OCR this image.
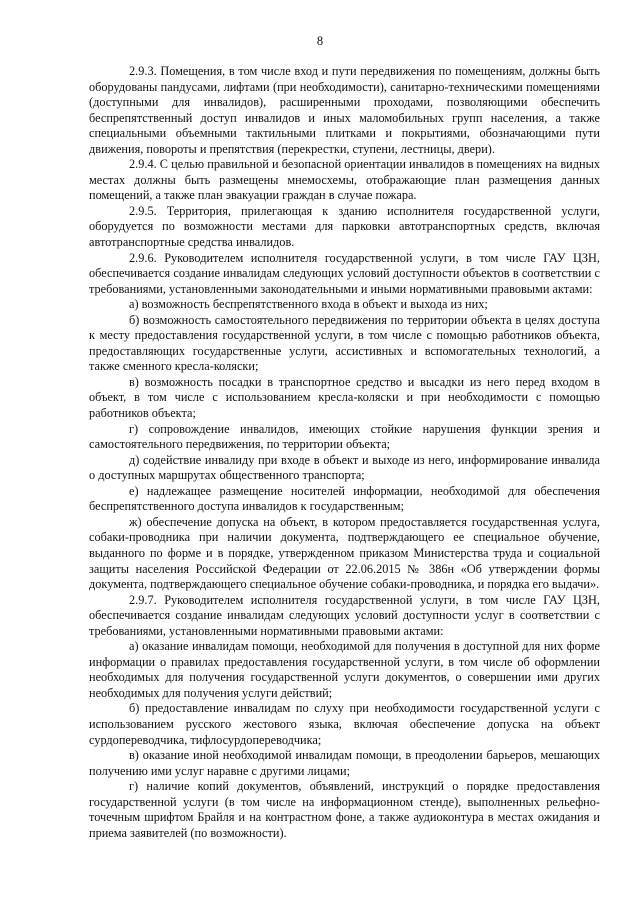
8

2.9.3. Помещения, в том числе вход и пути передвижения по помещениям, должны быть оборудованы пандусами, лифтами (при необходимости), санитарно-техническими помещениями (доступными для инвалидов), расширенными проходами, позволяющими обеспечить беспрепятственный доступ инвалидов и иных маломобильных групп населения, а также специальными объемными тактильными плитками и покрытиями, обозначающими пути движения, повороты и препятствия (перекрестки, ступени, лестницы, двери).

2.9.4. С целью правильной и безопасной ориентации инвалидов в помещениях на видных местах должны быть размещены мнемосхемы, отображающие план размещения данных помещений, а также план эвакуации граждан в случае пожара.

2.9.5. Территория, прилегающая к зданию исполнителя государственной услуги, оборудуется по возможности местами для парковки автотранспортных средств, включая автотранспортные средства инвалидов.

2.9.6. Руководителем исполнителя государственной услуги, в том числе ГАУ ЦЗН, обеспечивается создание инвалидам следующих условий доступности объектов в соответствии с требованиями, установленными законодательными и иными нормативными правовыми актами:

а) возможность беспрепятственного входа в объект и выхода из них;

б) возможность самостоятельного передвижения по территории объекта в целях доступа к месту предоставления государственной услуги, в том числе с помощью работников объекта, предоставляющих государственные услуги, ассистивных и вспомогательных технологий, а также сменного кресла-коляски;

в) возможность посадки в транспортное средство и высадки из него перед входом в объект, в том числе с использованием кресла-коляски и при необходимости с помощью работников объекта;

г) сопровождение инвалидов, имеющих стойкие нарушения функции зрения и самостоятельного передвижения, по территории объекта;

д) содействие инвалиду при входе в объект и выходе из него, информирование инвалида о доступных маршрутах общественного транспорта;

е) надлежащее размещение носителей информации, необходимой для обеспечения беспрепятственного доступа инвалидов к государственным;

ж) обеспечение допуска на объект, в котором предоставляется государственная услуга, собаки-проводника при наличии документа, подтверждающего ее специальное обучение, выданного по форме и в порядке, утвержденном приказом Министерства труда и социальной защиты населения Российской Федерации от 22.06.2015 № 386н «Об утверждении формы документа, подтверждающего специальное обучение собаки-проводника, и порядка его выдачи».

2.9.7. Руководителем исполнителя государственной услуги, в том числе ГАУ ЦЗН, обеспечивается создание инвалидам следующих условий доступности услуг в соответствии с требованиями, установленными нормативными правовыми актами:

а) оказание инвалидам помощи, необходимой для получения в доступной для них форме информации о правилах предоставления государственной услуги, в том числе об оформлении необходимых для получения государственной услуги документов, о совершении ими других необходимых для получения услуги действий;

б) предоставление инвалидам по слуху при необходимости государственной услуги с использованием русского жестового языка, включая обеспечение допуска на объект сурдопереводчика, тифлосурдопереводчика;

в) оказание иной необходимой инвалидам помощи, в преодолении барьеров, мешающих получению ими услуг наравне с другими лицами;

г) наличие копий документов, объявлений, инструкций о порядке предоставления государственной услуги (в том числе на информационном стенде), выполненных рельефно-точечным шрифтом Брайля и на контрастном фоне, а также аудиоконтура в местах ожидания и приема заявителей (по возможности).
